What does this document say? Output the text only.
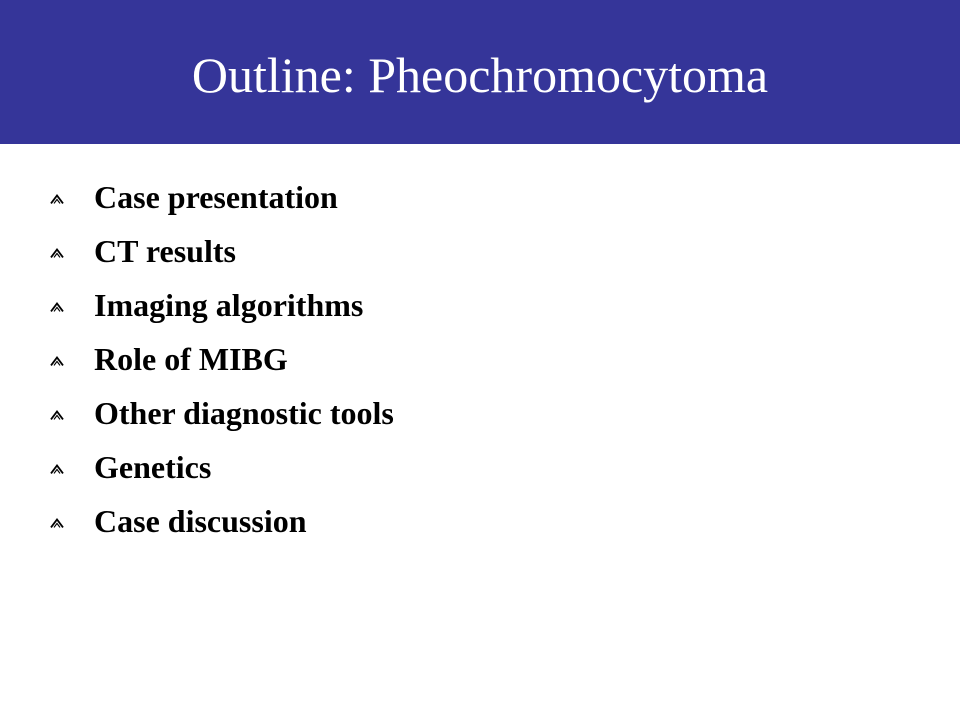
Outline: Pheochromocytoma
Case presentation
CT results
Imaging algorithms
Role of MIBG
Other diagnostic tools
Genetics
Case discussion
